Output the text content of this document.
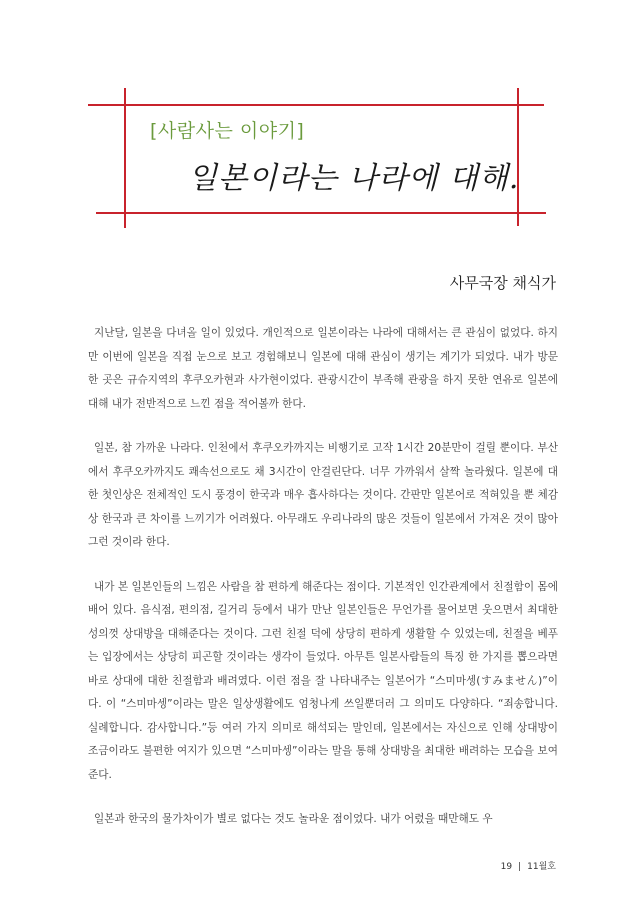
[사람사는 이야기]
일본이라는 나라에 대해.
사무국장 채식가

지난달, 일본을 다녀올 일이 있었다. 개인적으로 일본이라는 나라에 대해서는 큰 관심이 없었다. 하지만 이번에 일본을 직접 눈으로 보고 경험해보니 일본에 대해 관심이 생기는 계기가 되었다. 내가 방문한 곳은 규슈지역의 후쿠오카현과 사가현이었다. 관광시간이 부족해 관광을 하지 못한 연유로 일본에 대해 내가 전반적으로 느낀 점을 적어볼까 한다.

일본, 참 가까운 나라다. 인천에서 후쿠오카까지는 비행기로 고작 1시간 20분만이 걸릴 뿐이다. 부산에서 후쿠오카까지도 쾌속선으로도 채 3시간이 안걸린단다. 너무 가까워서 살짝 놀라웠다. 일본에 대한 첫인상은 전체적인 도시 풍경이 한국과 매우 흡사하다는 것이다. 간판만 일본어로 적혀있을 뿐 체감상 한국과 큰 차이를 느끼기가 어려웠다. 아무래도 우리나라의 많은 것들이 일본에서 가져온 것이 많아 그런 것이라 한다.

내가 본 일본인들의 느낌은 사람을 참 편하게 해준다는 점이다. 기본적인 인간관계에서 친절함이 몸에 배어 있다. 음식점, 편의점, 길거리 등에서 내가 만난 일본인들은 무언가를 물어보면 웃으면서 최대한 성의껏 상대방을 대해준다는 것이다. 그런 친절 덕에 상당히 편하게 생활할 수 있었는데, 친절을 베푸는 입장에서는 상당히 피곤할 것이라는 생각이 들었다. 아무튼 일본사람들의 특징 한 가지를 뽑으라면 바로 상대에 대한 친절함과 배려였다. 이런 점을 잘 나타내주는 일본어가 “스미마셍(すみません)”이다. 이 “스미마셍”이라는 말은 일상생활에도 엄청나게 쓰일뿐더러 그 의미도 다양하다. “죄송합니다. 실례합니다. 감사합니다.”등 여러 가지 의미로 해석되는 말인데, 일본에서는 자신으로 인해 상대방이 조금이라도 불편한 여지가 있으면 “스미마셍”이라는 말을 통해 상대방을 최대한 배려하는 모습을 보여준다.

일본과 한국의 물가차이가 별로 없다는 것도 놀라운 점이었다. 내가 어렸을 때만해도 우

19 | 11월호
